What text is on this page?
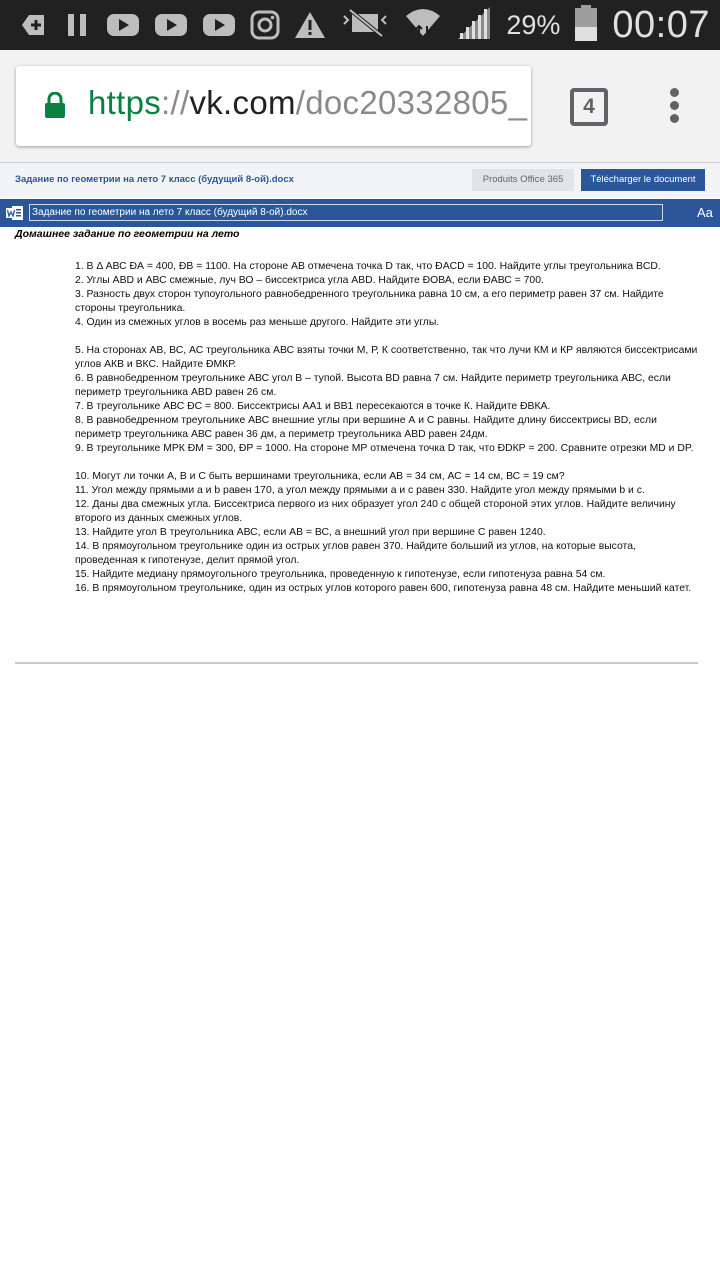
29% 00:07
https://vk.com/doc20332805_	4
Задание по геометрии на лето 7 класс (будущий 8-ой).docx	Produits Office 365	Télécharger le document
Задание по геометрии на лето 7 класс (будущий 8-ой).docx	Aa
Домашнее задание по геометрии на лето

1. В Δ АВС ÐА = 400, ÐВ = 1100. На стороне АВ отмечена точка D так, что ÐACD = 100. Найдите углы треугольника ВCD.

2. Углы ABD и АВС смежные, луч ВО – биссектриса угла ABD. Найдите ÐОВА, если ÐАВС = 700.

3. Разность двух сторон тупоугольного равнобедренного треугольника равна 10 см, а его периметр равен 37 см. Найдите стороны треугольника.

4. Один из смежных углов в восемь раз меньше другого. Найдите эти углы.

5. На сторонах АВ, ВС, АС треугольника АВС взяты точки М, Р, К соответственно, так что лучи КМ и КР являются биссектрисами углов АКВ и ВКС. Найдите ÐМКР.

6. В равнобедренном треугольнике АВС угол В – тупой. Высота BD равна 7 см. Найдите периметр треугольника АВС, если периметр треугольника ABD равен 26 см.

7. В треугольнике АВС ÐС = 800. Биссектрисы АА1 и ВВ1 пересекаются в точке К. Найдите ÐВКА.

8. В равнобедренном треугольнике АВС внешние углы при вершине А и С равны. Найдите длину биссектрисы BD, если периметр треугольника АВС равен 36 дм, а периметр треугольника ABD равен 24дм.

9. В треугольнике МРК ÐМ = 300, ÐР = 1000. На стороне МР отмечена точка D так, что ÐDКР = 200. Сравните отрезки MD и DP.

10. Могут ли точки А, В и С быть вершинами треугольника, если АВ = 34 см, АС = 14 см, ВС = 19 см?

11. Угол между прямыми а и b равен 170, а угол между прямыми а и с равен 330. Найдите угол между прямыми b и с.

12. Даны два смежных угла. Биссектриса первого из них образует угол 240 с общей стороной этих углов. Найдите величину второго из данных смежных углов.

13. Найдите угол В треугольника АВС, если АВ = ВС, а внешний угол при вершине С равен 1240.

14. В прямоугольном треугольнике один из острых углов равен 370. Найдите больший из углов, на которые высота, проведенная к гипотенузе, делит прямой угол.

15. Найдите медиану прямоугольного треугольника, проведенную к гипотенузе, если гипотенуза равна 54 см.

16. В прямоугольном треугольнике, один из острых углов которого равен 600, гипотенуза равна 48 см. Найдите меньший катет.
